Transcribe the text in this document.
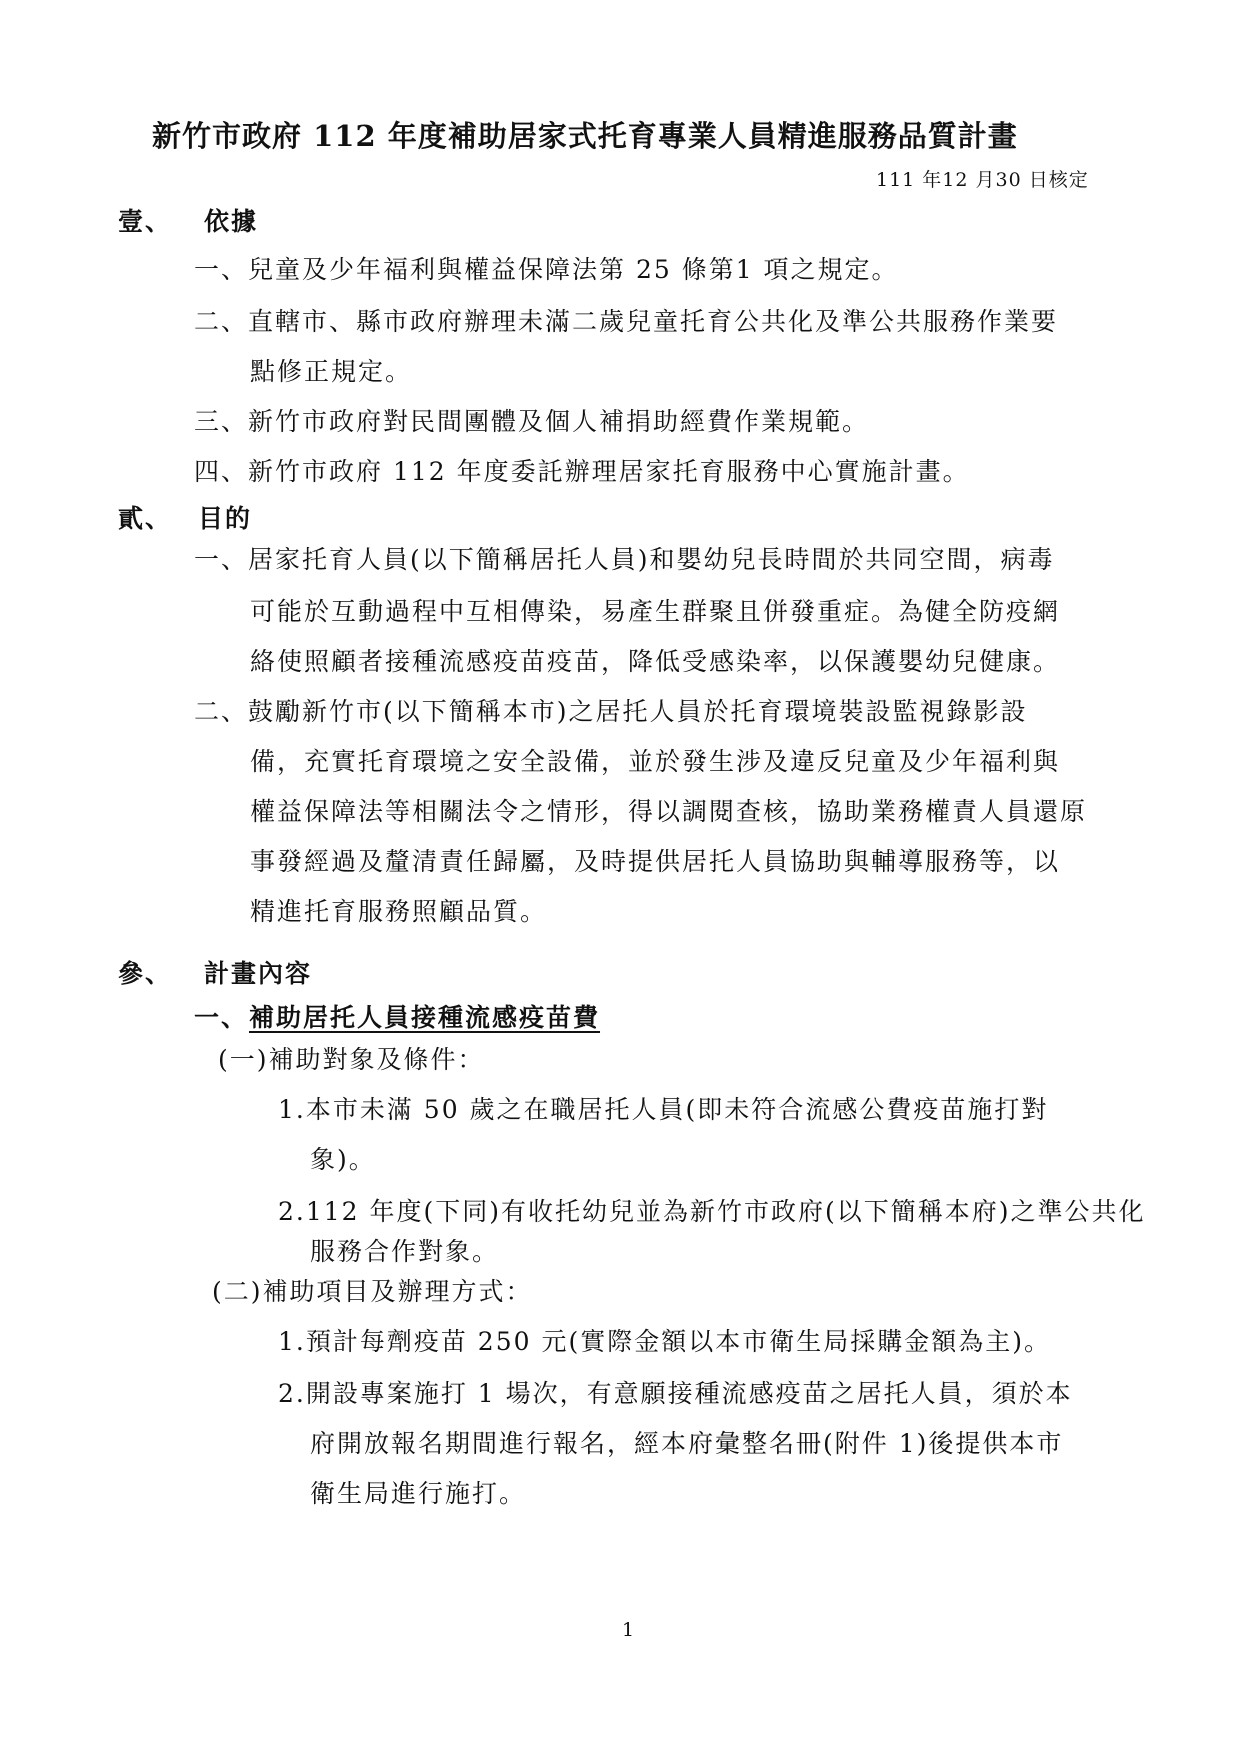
新竹市政府 112 年度補助居家式托育專業人員精進服務品質計畫
111 年12 月30 日核定
壹、 依據
一、兒童及少年福利與權益保障法第 25 條第1 項之規定。
二、直轄市、縣市政府辦理未滿二歲兒童托育公共化及準公共服務作業要
點修正規定。
三、新竹市政府對民間團體及個人補捐助經費作業規範。
四、新竹市政府 112 年度委託辦理居家托育服務中心實施計畫。
貳、 目的
一、居家托育人員(以下簡稱居托人員)和嬰幼兒長時間於共同空間，病毒
可能於互動過程中互相傳染，易產生群聚且併發重症。為健全防疫網
絡使照顧者接種流感疫苗疫苗，降低受感染率，以保護嬰幼兒健康。
二、鼓勵新竹市(以下簡稱本市)之居托人員於托育環境裝設監視錄影設
備，充實托育環境之安全設備，並於發生涉及違反兒童及少年福利與
權益保障法等相關法令之情形，得以調閱查核，協助業務權責人員還原
事發經過及釐清責任歸屬，及時提供居托人員協助與輔導服務等，以
精進托育服務照顧品質。
參、 計畫內容
一、 補助居托人員接種流感疫苗費
(一)補助對象及條件：
1.本市未滿 50 歲之在職居托人員(即未符合流感公費疫苗施打對
象)。
2.112 年度(下同)有收托幼兒並為新竹市政府(以下簡稱本府)之準公共化
服務合作對象。
(二)補助項目及辦理方式：
1.預計每劑疫苗 250 元(實際金額以本市衛生局採購金額為主)。
2.開設專案施打 1 場次，有意願接種流感疫苗之居托人員，須於本
府開放報名期間進行報名，經本府彙整名冊(附件 1)後提供本市
衛生局進行施打。
1
